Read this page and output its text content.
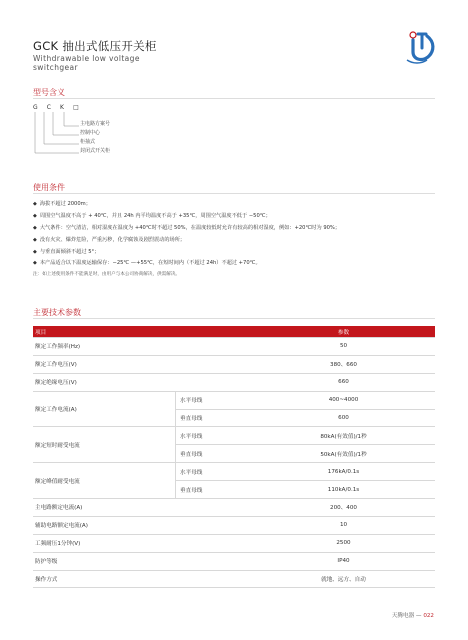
GCK 抽出式低压开关柜
Withdrawable low voltage
switchgear
型号含义
G C K □
主电路方案号
控制中心
柜抽式
封闭式开关柜
使用条件
◆ 海拔不超过 2000m；
◆ 周围空气温度不高于 + 40℃，并且 24h 内平均温度不高于 +35℃，周围空气温度不低于 −50℃；
◆ 大气条件：空气清洁，相对湿度在温度为 +40℃时不超过 50%，在温度较低时允许有较高的相对湿度，例如：+20℃时为 90%；
◆ 没有火灾、爆炸危险，严重污秽，化学腐蚀及剧烈震动的场所；
◆ 与垂直面倾斜不超过 5°；
◆ 本产品适合以下温度运输保存：−25℃ —+55℃，在短时间内（不超过 24h）不超过 +70℃。
注：如上述使用条件不能满足时，由用户与本公司协商解决，供需解决。
主要技术参数
项目		参数
额定工作频率(Hz)		50
额定工作电压(V)		380、660
额定绝缘电压(V)		660
额定工作电流(A)	水平母线	400~4000
	垂直母线	600
额定短时耐受电流	水平母线	80kA(有效值)/1秒
	垂直母线	50kA(有效值)/1秒
额定峰值耐受电流	水平母线	176kA/0.1s
	垂直母线	110kA/0.1s
主电路额定电流(A)		200、400
辅助电路额定电流(A)		10
工频耐压1分钟(V)		2500
防护等级		IP40
操作方式		就地、远方、自动
天腾电器 — 022
